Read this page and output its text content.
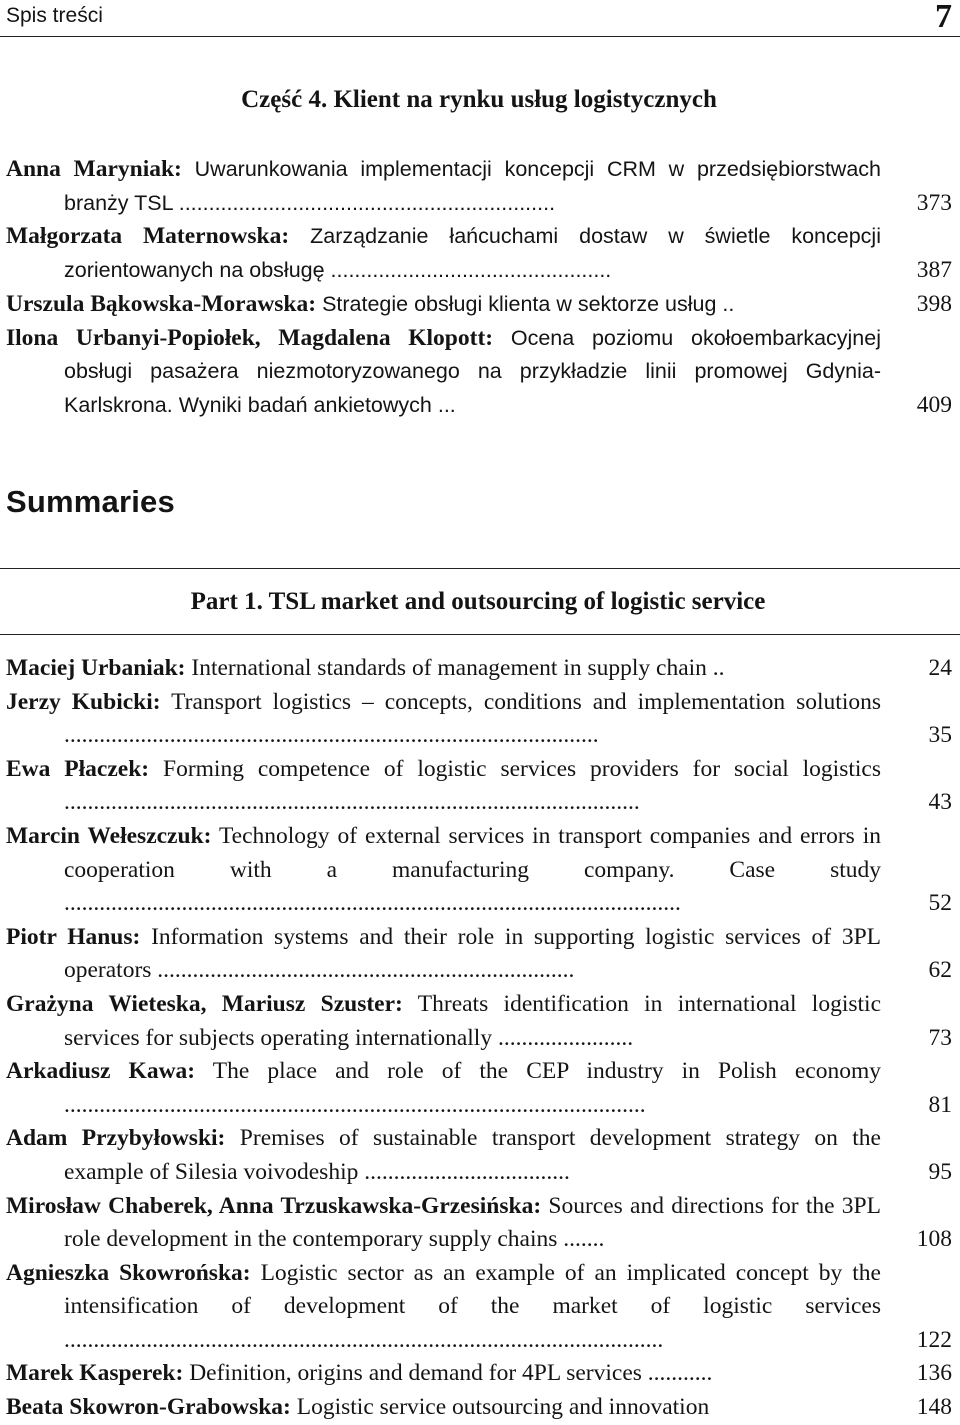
Spis treści	7
Część 4. Klient na rynku usług logistycznych
Anna Maryniak: Uwarunkowania implementacji koncepcji CRM w przedsiębiorstwach branży TSL ...............................................................	373
Małgorzata Maternowska: Zarządzanie łańcuchami dostaw w świetle koncepcji zorientowanych na obsługę ...............................................	387
Urszula Bąkowska-Morawska: Strategie obsługi klienta w sektorze usług ..	398
Ilona Urbanyi-Popiołek, Magdalena Klopott: Ocena poziomu okołoembarkacyjnej obsługi pasażera niezmotoryzowanego na przykładzie linii promowej Gdynia-Karlskrona. Wyniki badań ankietowych ...	409
Summaries
Part 1. TSL market and outsourcing of logistic service
Maciej Urbaniak: International standards of management in supply chain ..	24
Jerzy Kubicki: Transport logistics – concepts, conditions and implementation solutions ...........................................................................................	35
Ewa Płaczek: Forming competence of logistic services providers for social logistics ..................................................................................................	43
Marcin Wełeszczuk: Technology of external services in transport companies and errors in cooperation with a manufacturing company. Case study .........................................................................................................	52
Piotr Hanus: Information systems and their role in supporting logistic services of 3PL operators .......................................................................	62
Grażyna Wieteska, Mariusz Szuster: Threats identification in international logistic services for subjects operating internationally .......................	73
Arkadiusz Kawa: The place and role of the CEP industry in Polish economy ...................................................................................................	81
Adam Przybyłowski: Premises of sustainable transport development strategy on the example of Silesia voivodeship ...................................	95
Mirosław Chaberek, Anna Trzuskawska-Grzesińska: Sources and directions for the 3PL role development in the contemporary supply chains .......	108
Agnieszka Skowrońska: Logistic sector as an example of an implicated concept by the intensification of development of the market of logistic services ......................................................................................................	122
Marek Kasperek: Definition, origins and demand for 4PL services ...........	136
Beata Skowron-Grabowska: Logistic service outsourcing and innovation	148
